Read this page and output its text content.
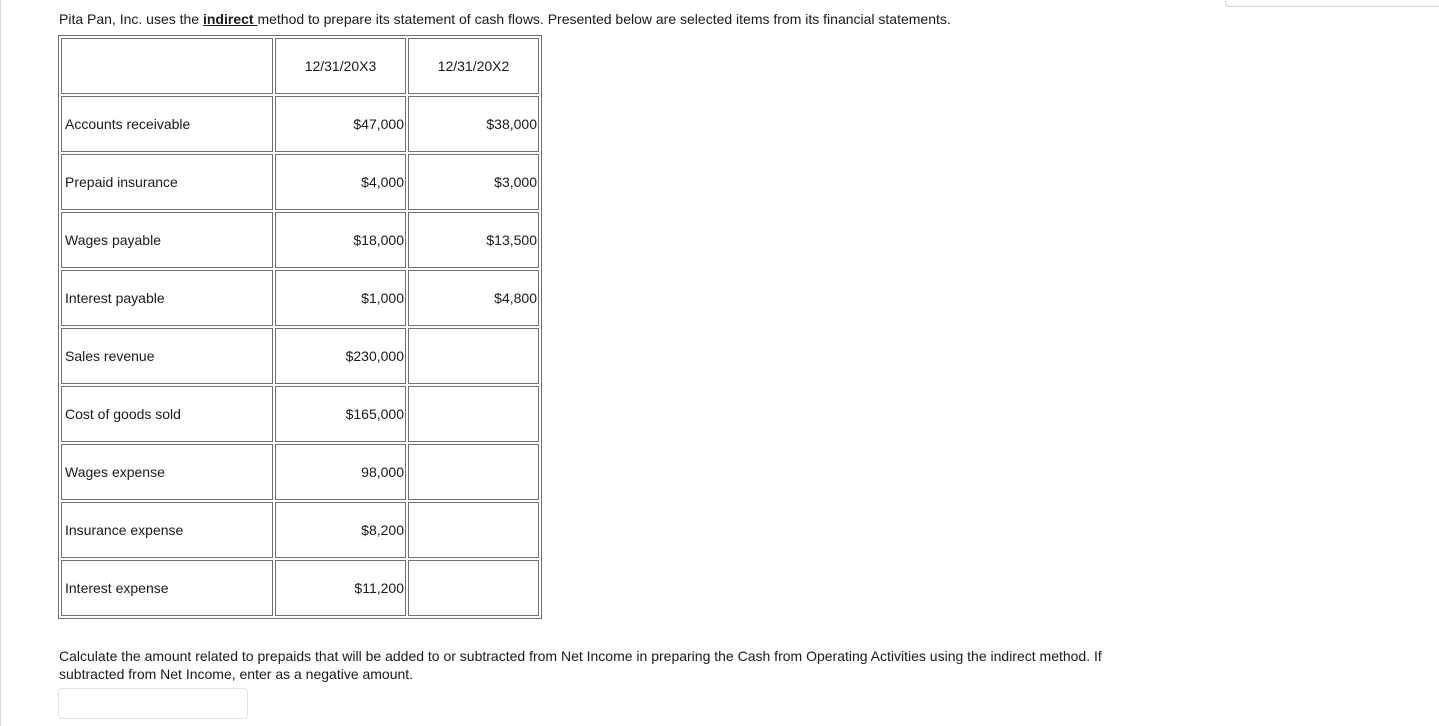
Pita Pan, Inc. uses the indirect method to prepare its statement of cash flows. Presented below are selected items from its financial statements.

	12/31/20X3	12/31/20X2
Accounts receivable	$47,000	$38,000
Prepaid insurance	$4,000	$3,000
Wages payable	$18,000	$13,500
Interest payable	$1,000	$4,800
Sales revenue	$230,000	
Cost of goods sold	$165,000	
Wages expense	98,000	
Insurance expense	$8,200	
Interest expense	$11,200	

Calculate the amount related to prepaids that will be added to or subtracted from Net Income in preparing the Cash from Operating Activities using the indirect method. If subtracted from Net Income, enter as a negative amount.
